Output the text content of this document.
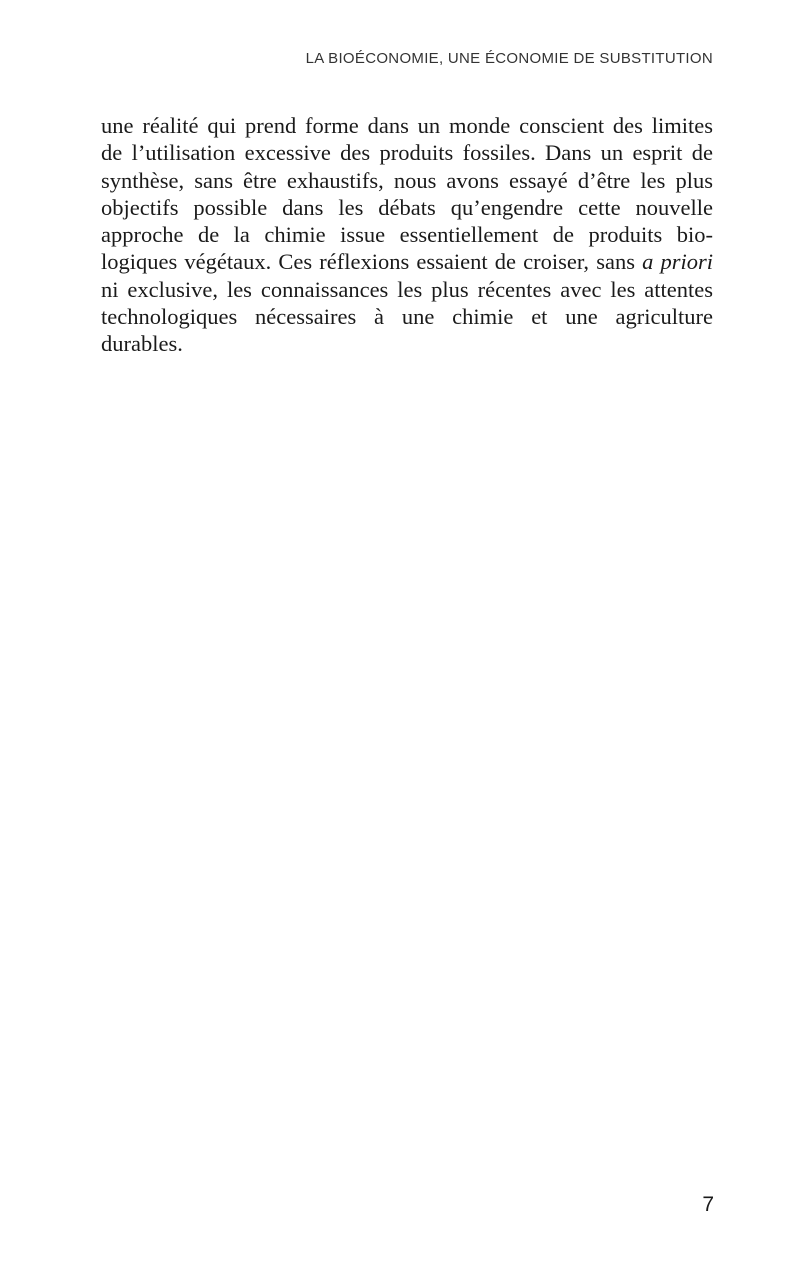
LA BIOÉCONOMIE, UNE ÉCONOMIE DE SUBSTITUTION

une réalité qui prend forme dans un monde conscient des limites
de l’utilisation excessive des produits fossiles. Dans un esprit de
synthèse, sans être exhaustifs, nous avons essayé d’être les plus
objectifs possible dans les débats qu’engendre cette nouvelle
approche de la chimie issue essentiellement de produits bio-
logiques végétaux. Ces réflexions essaient de croiser, sans a priori
ni exclusive, les connaissances les plus récentes avec les attentes
technologiques nécessaires à une chimie et une agriculture
durables.

7
